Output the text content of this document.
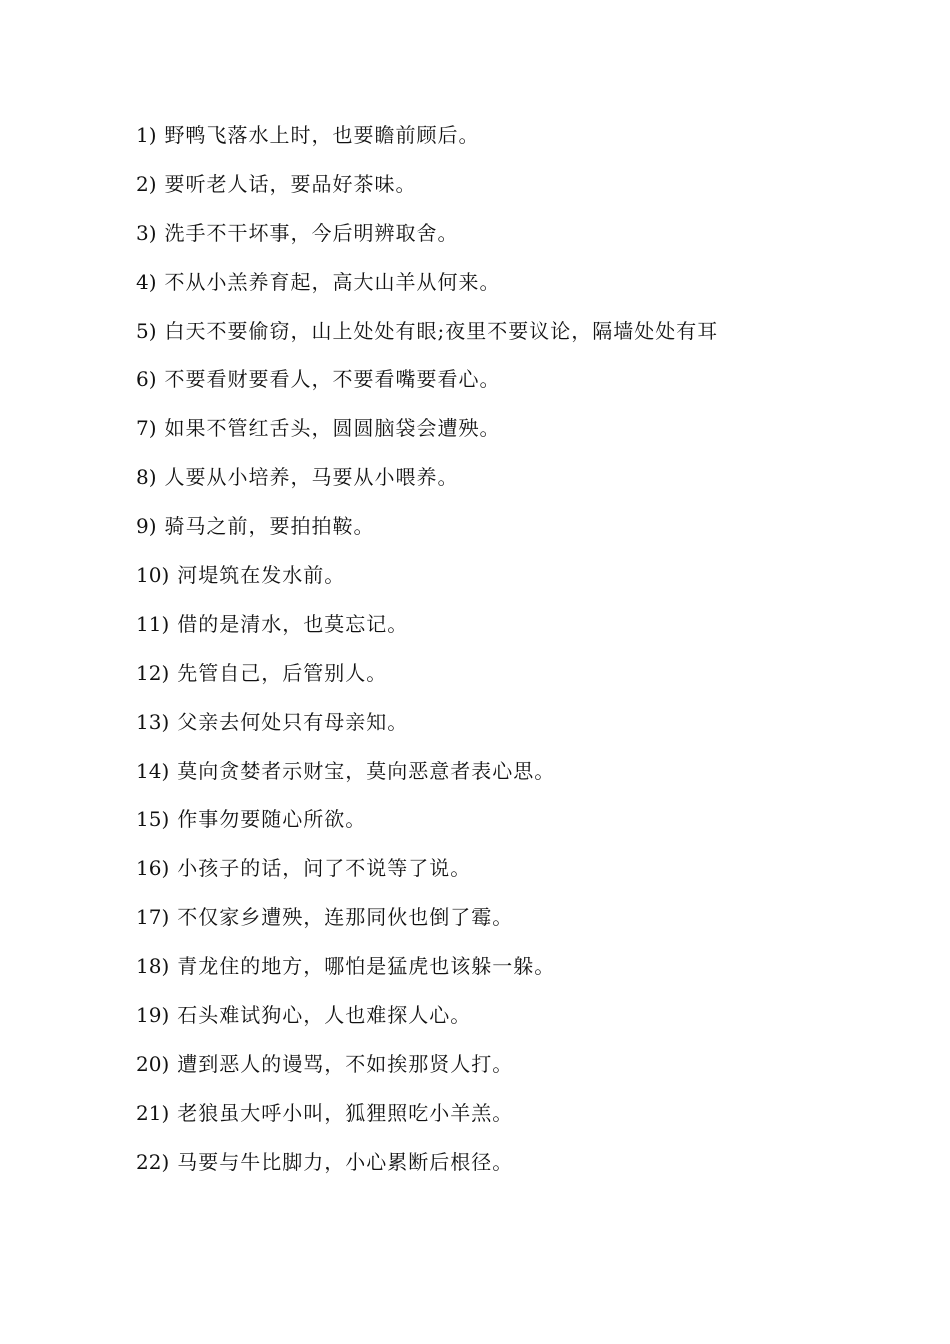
1) 野鸭飞落水上时，也要瞻前顾后。
2) 要听老人话，要品好茶味。
3) 洗手不干坏事，今后明辨取舍。
4) 不从小羔养育起，高大山羊从何来。
5) 白天不要偷窃，山上处处有眼;夜里不要议论，隔墙处处有耳
6) 不要看财要看人，不要看嘴要看心。
7) 如果不管红舌头，圆圆脑袋会遭殃。
8) 人要从小培养，马要从小喂养。
9) 骑马之前，要拍拍鞍。
10) 河堤筑在发水前。
11) 借的是清水，也莫忘记。
12) 先管自己，后管别人。
13) 父亲去何处只有母亲知。
14) 莫向贪婪者示财宝，莫向恶意者表心思。
15) 作事勿要随心所欲。
16) 小孩子的话，问了不说等了说。
17) 不仅家乡遭殃，连那同伙也倒了霉。
18) 青龙住的地方，哪怕是猛虎也该躲一躲。
19) 石头难试狗心，人也难探人心。
20) 遭到恶人的谩骂，不如挨那贤人打。
21) 老狼虽大呼小叫，狐狸照吃小羊羔。
22) 马要与牛比脚力，小心累断后根径。
